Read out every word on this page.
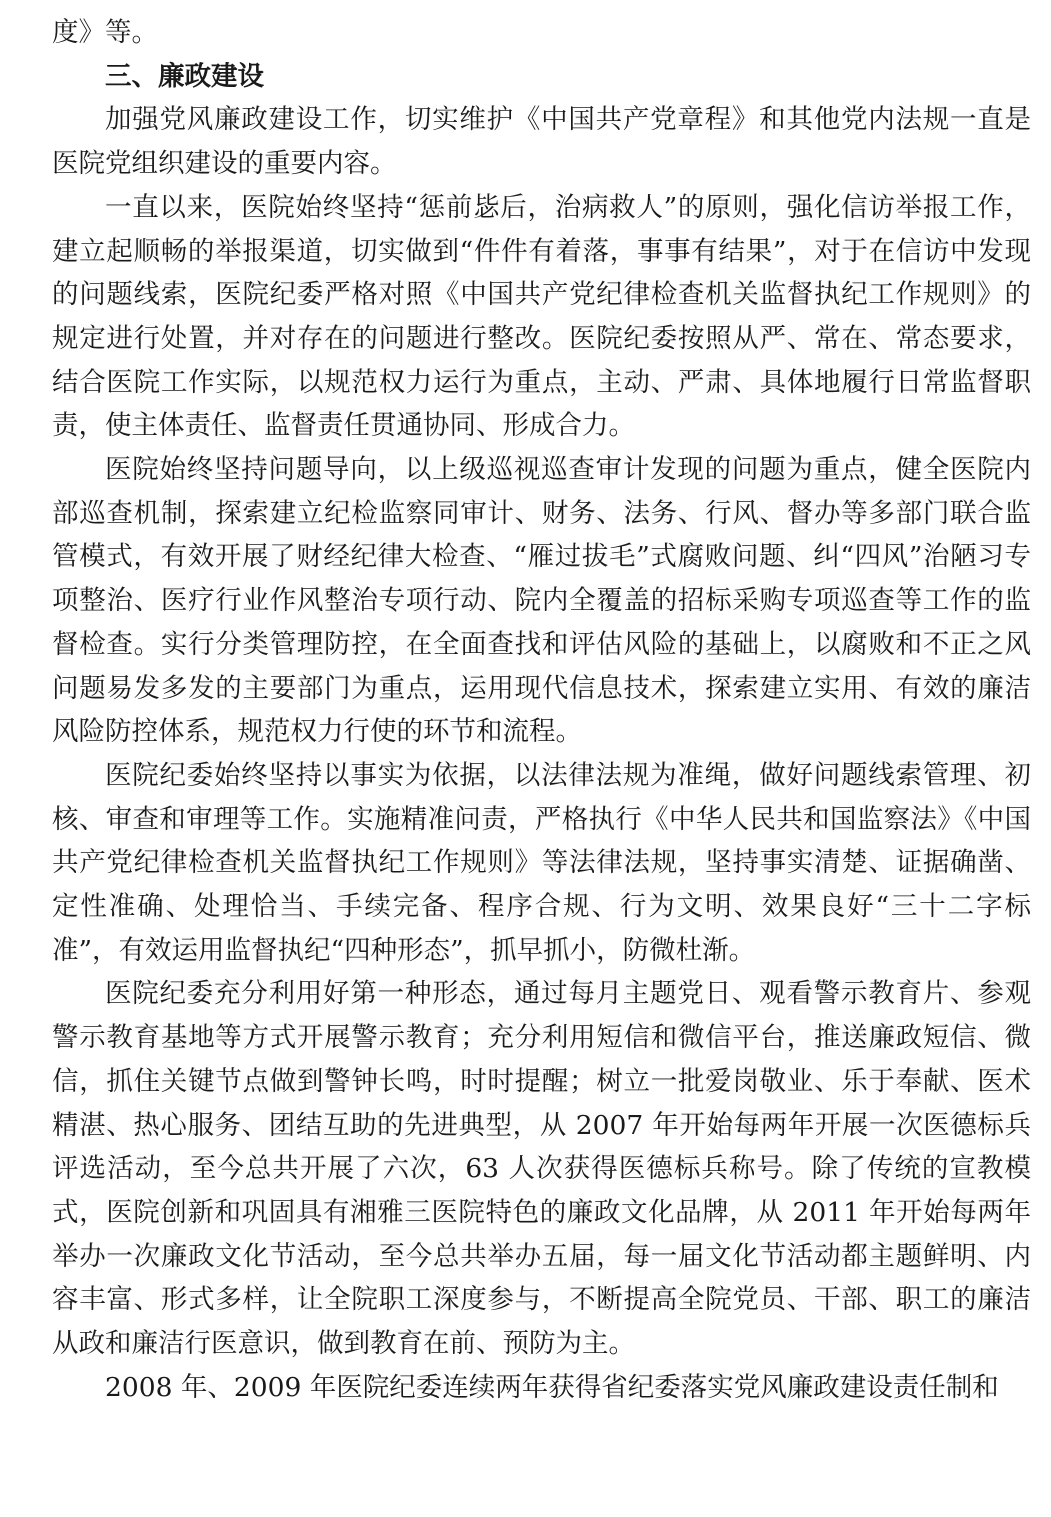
度》等。

三、廉政建设

加强党风廉政建设工作，切实维护《中国共产党章程》和其他党内法规一直是医院党组织建设的重要内容。

一直以来，医院始终坚持“惩前毖后，治病救人”的原则，强化信访举报工作，建立起顺畅的举报渠道，切实做到“件件有着落，事事有结果”，对于在信访中发现的问题线索，医院纪委严格对照《中国共产党纪律检查机关监督执纪工作规则》的规定进行处置，并对存在的问题进行整改。医院纪委按照从严、常在、常态要求，结合医院工作实际，以规范权力运行为重点，主动、严肃、具体地履行日常监督职责，使主体责任、监督责任贯通协同、形成合力。

医院始终坚持问题导向，以上级巡视巡查审计发现的问题为重点，健全医院内部巡查机制，探索建立纪检监察同审计、财务、法务、行风、督办等多部门联合监管模式，有效开展了财经纪律大检查、“雁过拔毛”式腐败问题、纠“四风”治陋习专项整治、医疗行业作风整治专项行动、院内全覆盖的招标采购专项巡查等工作的监督检查。实行分类管理防控，在全面查找和评估风险的基础上，以腐败和不正之风问题易发多发的主要部门为重点，运用现代信息技术，探索建立实用、有效的廉洁风险防控体系，规范权力行使的环节和流程。

医院纪委始终坚持以事实为依据，以法律法规为准绳，做好问题线索管理、初核、审查和审理等工作。实施精准问责，严格执行《中华人民共和国监察法》《中国共产党纪律检查机关监督执纪工作规则》等法律法规，坚持事实清楚、证据确凿、定性准确、处理恰当、手续完备、程序合规、行为文明、效果良好“三十二字标准”，有效运用监督执纪“四种形态”，抓早抓小，防微杜渐。

医院纪委充分利用好第一种形态，通过每月主题党日、观看警示教育片、参观警示教育基地等方式开展警示教育；充分利用短信和微信平台，推送廉政短信、微信，抓住关键节点做到警钟长鸣，时时提醒；树立一批爱岗敬业、乐于奉献、医术精湛、热心服务、团结互助的先进典型，从 2007 年开始每两年开展一次医德标兵评选活动，至今总共开展了六次，63 人次获得医德标兵称号。除了传统的宣教模式，医院创新和巩固具有湘雅三医院特色的廉政文化品牌，从 2011 年开始每两年举办一次廉政文化节活动，至今总共举办五届，每一届文化节活动都主题鲜明、内容丰富、形式多样，让全院职工深度参与，不断提高全院党员、干部、职工的廉洁从政和廉洁行医意识，做到教育在前、预防为主。

2008 年、2009 年医院纪委连续两年获得省纪委落实党风廉政建设责任制和
